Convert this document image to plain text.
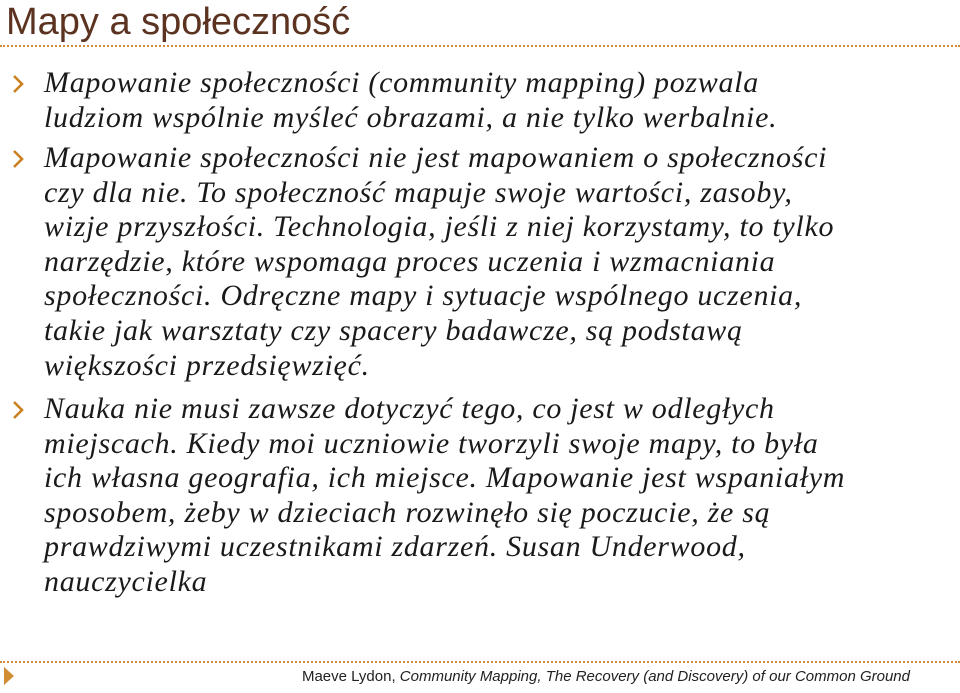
Mapy a społeczność

Mapowanie społeczności (community mapping) pozwala
ludziom wspólnie myśleć obrazami, a nie tylko werbalnie.

Mapowanie społeczności nie jest mapowaniem o społeczności
czy dla nie. To społeczność mapuje swoje wartości, zasoby,
wizje przyszłości. Technologia, jeśli z niej korzystamy, to tylko
narzędzie, które wspomaga proces uczenia i wzmacniania
społeczności. Odręczne mapy i sytuacje wspólnego uczenia,
takie jak warsztaty czy spacery badawcze, są podstawą
większości przedsięwzięć.

Nauka nie musi zawsze dotyczyć tego, co jest w odległych
miejscach. Kiedy moi uczniowie tworzyli swoje mapy, to była
ich własna geografia, ich miejsce. Mapowanie jest wspaniałym
sposobem, żeby w dzieciach rozwinęło się poczucie, że są
prawdziwymi uczestnikami zdarzeń. Susan Underwood,
nauczycielka

Maeve Lydon, Community Mapping, The Recovery (and Discovery) of our Common Ground
